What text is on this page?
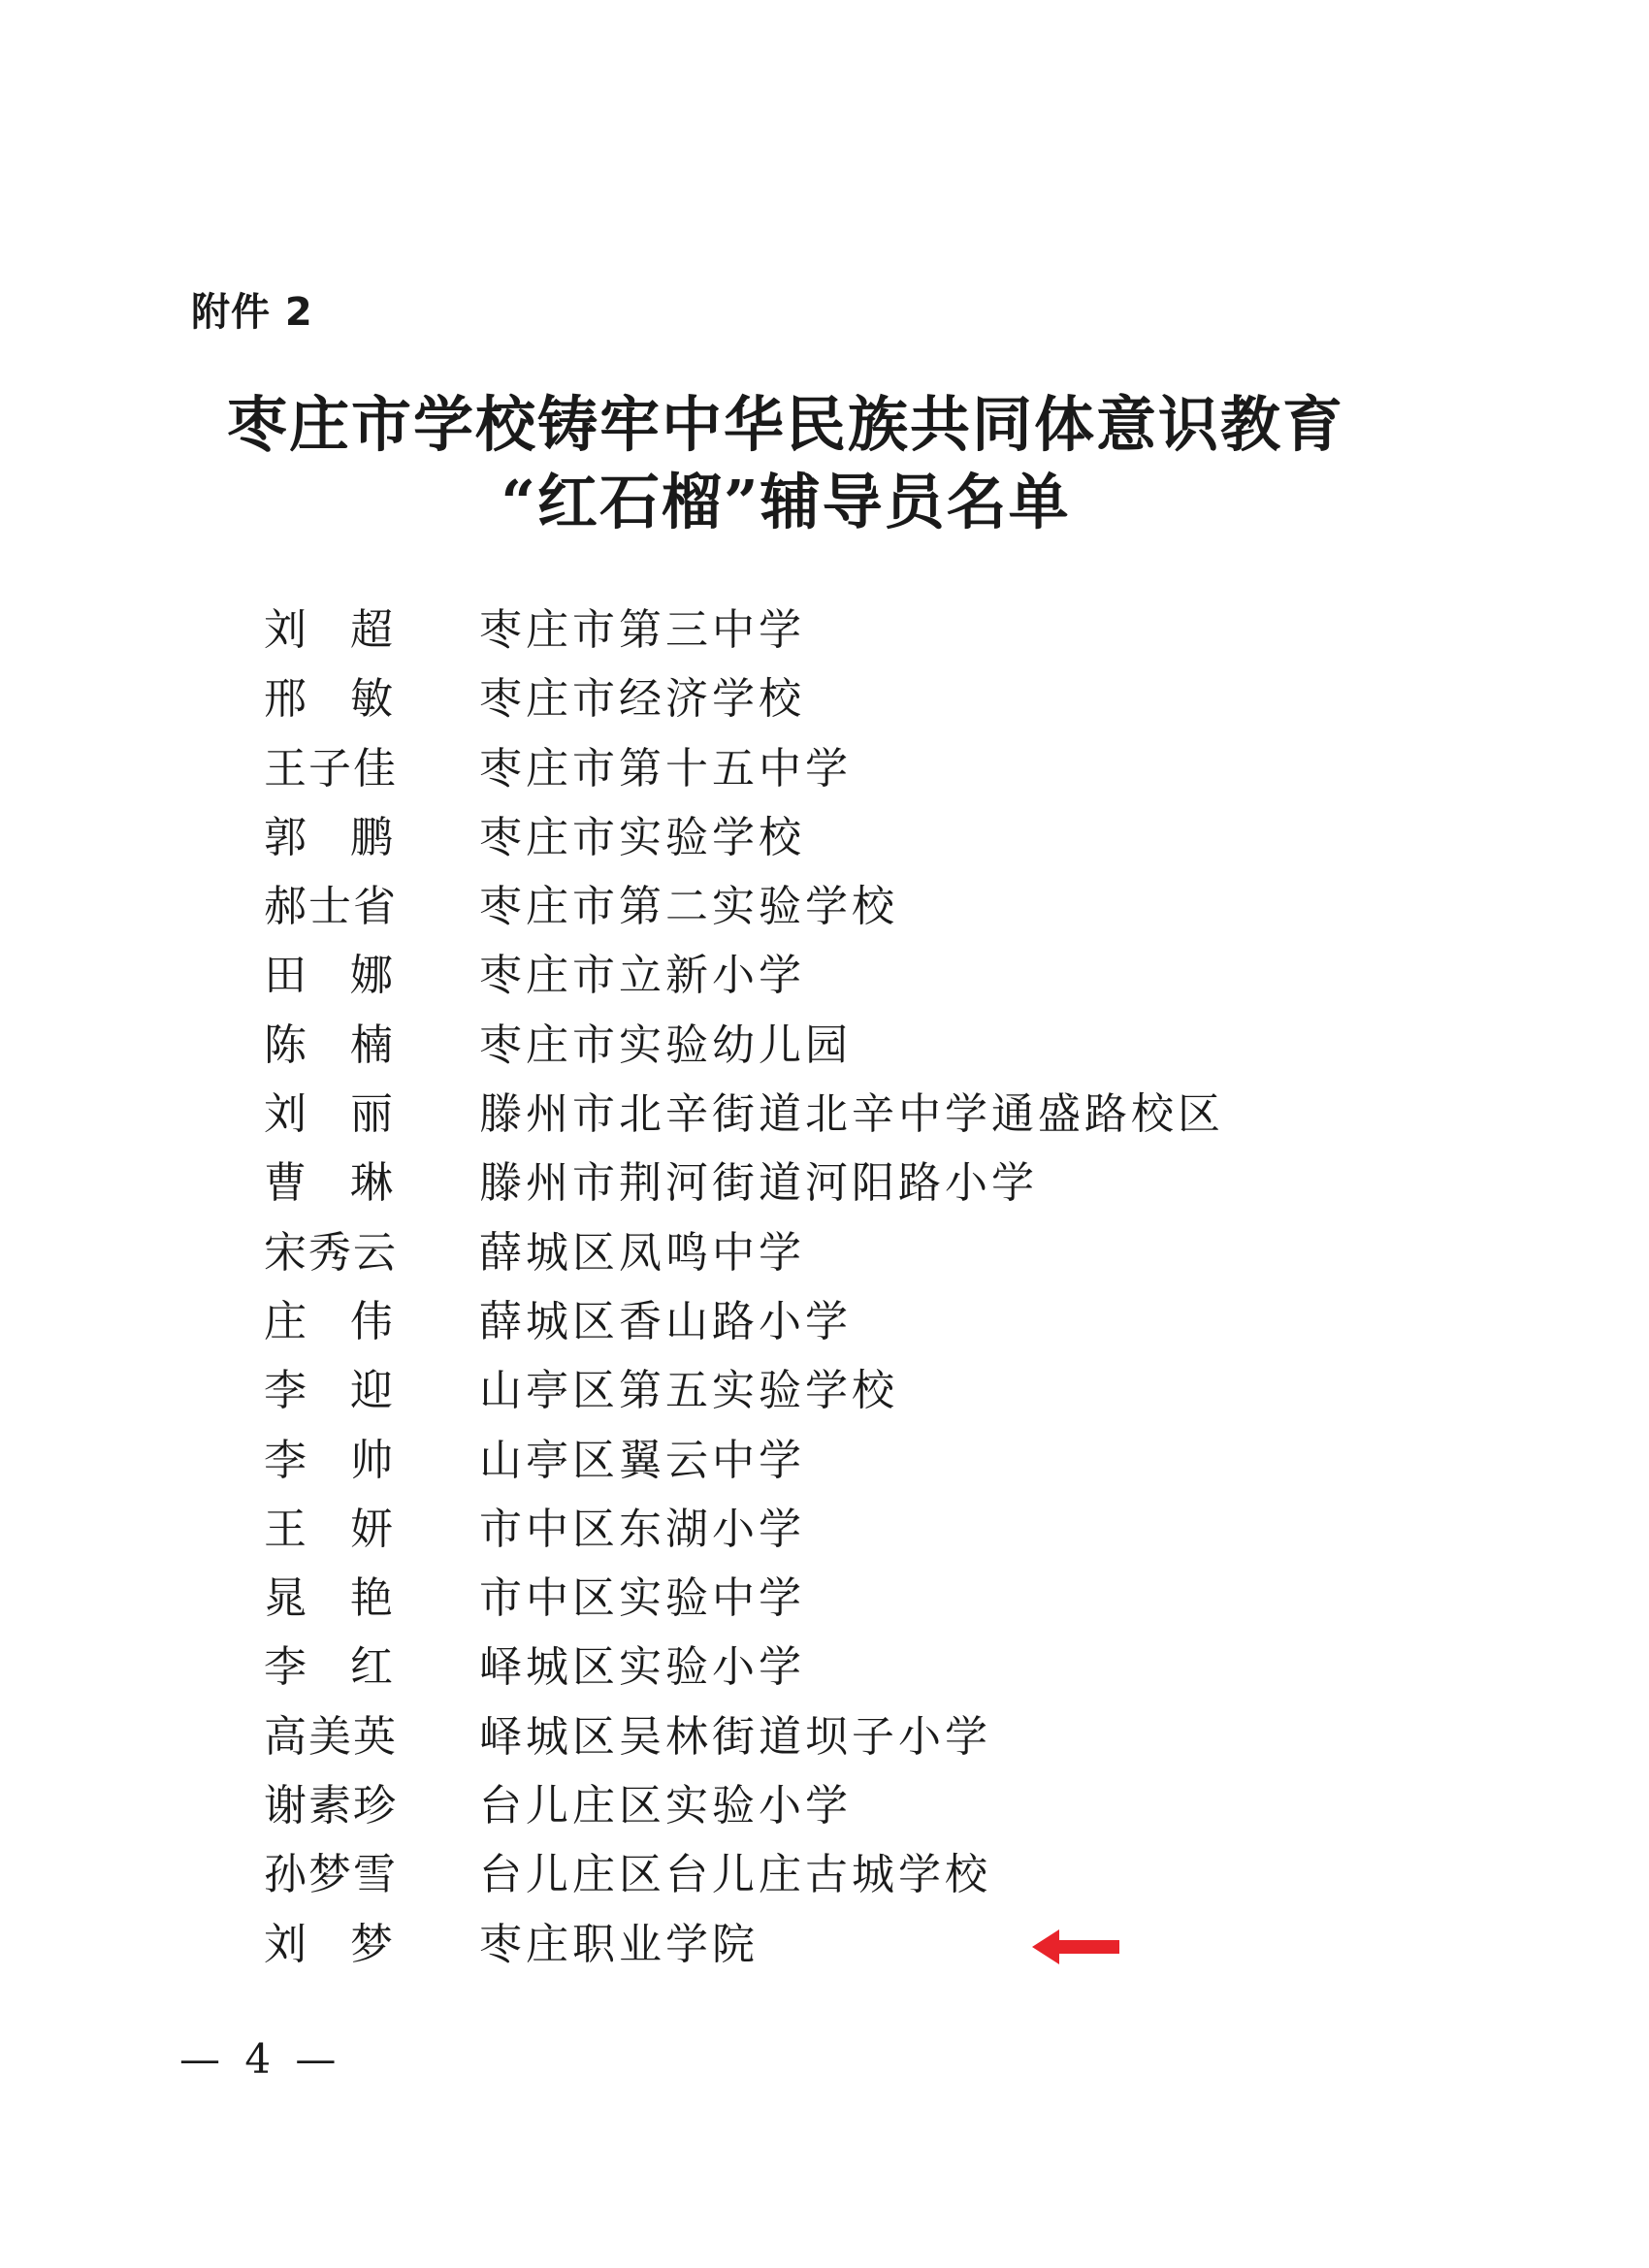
附件 2
枣庄市学校铸牢中华民族共同体意识教育
“红石榴”辅导员名单
刘超 枣庄市第三中学
邢敏 枣庄市经济学校
王子佳 枣庄市第十五中学
郭鹏 枣庄市实验学校
郝士省 枣庄市第二实验学校
田娜 枣庄市立新小学
陈楠 枣庄市实验幼儿园
刘丽 滕州市北辛街道北辛中学通盛路校区
曹琳 滕州市荆河街道河阳路小学
宋秀云 薛城区凤鸣中学
庄伟 薛城区香山路小学
李迎 山亭区第五实验学校
李帅 山亭区翼云中学
王妍 市中区东湖小学
晁艳 市中区实验中学
李红 峄城区实验小学
高美英 峄城区吴林街道坝子小学
谢素珍 台儿庄区实验小学
孙梦雪 台儿庄区台儿庄古城学校
刘梦 枣庄职业学院
— 4 —
